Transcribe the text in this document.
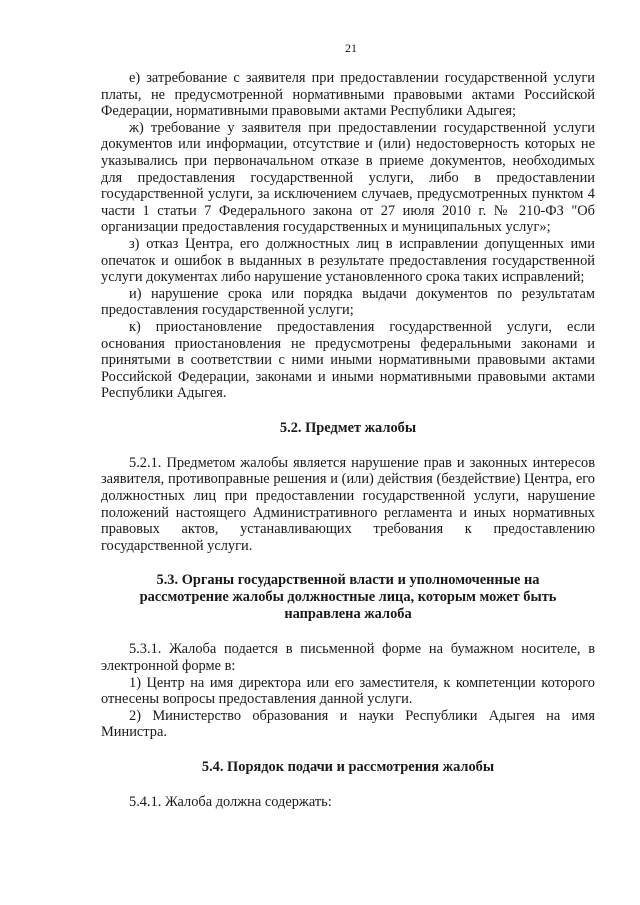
21

е) затребование с заявителя при предоставлении государственной услуги платы, не предусмотренной нормативными правовыми актами Российской Федерации, нормативными правовыми актами Республики Адыгея;

ж) требование у заявителя при предоставлении государственной услуги документов или информации, отсутствие и (или) недостоверность которых не указывались при первоначальном отказе в приеме документов, необходимых для предоставления государственной услуги, либо в предоставлении государственной услуги, за исключением случаев, предусмотренных пунктом 4 части 1 статьи 7 Федерального закона от 27 июля 2010 г. № 210-ФЗ "Об организации предоставления государственных и муниципальных услуг»;

з) отказ Центра, его должностных лиц в исправлении допущенных ими опечаток и ошибок в выданных в результате предоставления государственной услуги документах либо нарушение установленного срока таких исправлений;

и) нарушение срока или порядка выдачи документов по результатам предоставления государственной услуги;

к) приостановление предоставления государственной услуги, если основания приостановления не предусмотрены федеральными законами и принятыми в соответствии с ними иными нормативными правовыми актами Российской Федерации, законами и иными нормативными правовыми актами Республики Адыгея.

5.2. Предмет жалобы

5.2.1. Предметом жалобы является нарушение прав и законных интересов заявителя, противоправные решения и (или) действия (бездействие) Центра, его должностных лиц при предоставлении государственной услуги, нарушение положений настоящего Административного регламента и иных нормативных правовых актов, устанавливающих требования к предоставлению государственной услуги.

5.3. Органы государственной власти и уполномоченные на
рассмотрение жалобы должностные лица, которым может быть
направлена жалоба

5.3.1. Жалоба подается в письменной форме на бумажном носителе, в электронной форме в:

1) Центр на имя директора или его заместителя, к компетенции которого отнесены вопросы предоставления данной услуги.

2) Министерство образования и науки Республики Адыгея на имя Министра.

5.4. Порядок подачи и рассмотрения жалобы

5.4.1. Жалоба должна содержать:
